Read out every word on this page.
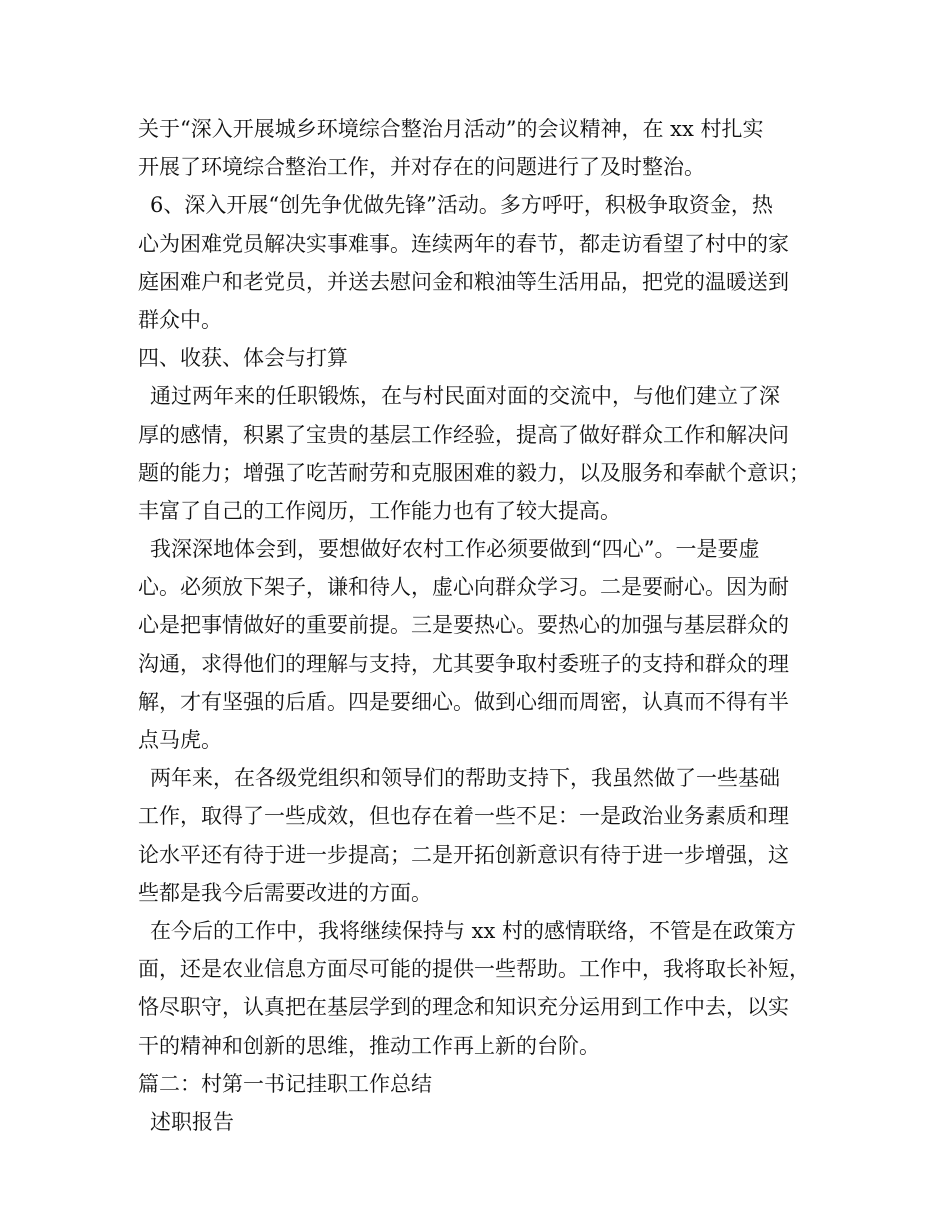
关于“深入开展城乡环境综合整治月活动”的会议精神，在 xx 村扎实
开展了环境综合整治工作，并对存在的问题进行了及时整治。
6、深入开展“创先争优做先锋”活动。多方呼吁，积极争取资金，热
心为困难党员解决实事难事。连续两年的春节，都走访看望了村中的家
庭困难户和老党员，并送去慰问金和粮油等生活用品，把党的温暖送到
群众中。
四、收获、体会与打算
通过两年来的任职锻炼，在与村民面对面的交流中，与他们建立了深
厚的感情，积累了宝贵的基层工作经验，提高了做好群众工作和解决问
题的能力；增强了吃苦耐劳和克服困难的毅力，以及服务和奉献个意识；
丰富了自己的工作阅历，工作能力也有了较大提高。
我深深地体会到，要想做好农村工作必须要做到“四心”。一是要虚
心。必须放下架子，谦和待人，虚心向群众学习。二是要耐心。因为耐
心是把事情做好的重要前提。三是要热心。要热心的加强与基层群众的
沟通，求得他们的理解与支持，尤其要争取村委班子的支持和群众的理
解，才有坚强的后盾。四是要细心。做到心细而周密，认真而不得有半
点马虎。
两年来，在各级党组织和领导们的帮助支持下，我虽然做了一些基础
工作，取得了一些成效，但也存在着一些不足：一是政治业务素质和理
论水平还有待于进一步提高；二是开拓创新意识有待于进一步增强，这
些都是我今后需要改进的方面。
在今后的工作中，我将继续保持与 xx 村的感情联络，不管是在政策方
面，还是农业信息方面尽可能的提供一些帮助。工作中，我将取长补短，
恪尽职守，认真把在基层学到的理念和知识充分运用到工作中去，以实
干的精神和创新的思维，推动工作再上新的台阶。
篇二：村第一书记挂职工作总结
述职报告
